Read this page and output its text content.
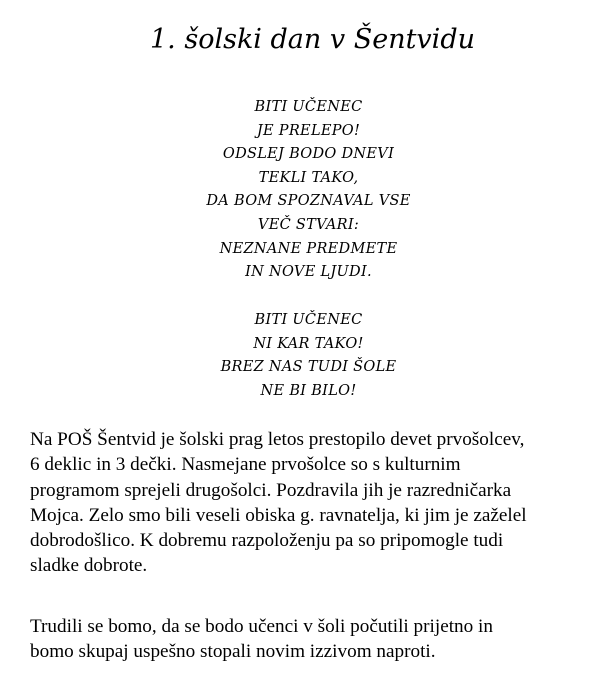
1. šolski dan v Šentvidu
BITI UČENEC
JE PRELEPO!
ODSLEJ BODO DNEVI
TEKLI TAKO,
DA BOM SPOZNAVAL VSE
VEČ STVARI:
NEZNANE PREDMETE
IN NOVE LJUDI.
BITI UČENEC
NI KAR TAKO!
BREZ NAS TUDI ŠOLE
NE BI BILO!
Na POŠ Šentvid je šolski prag letos prestopilo devet prvošolcev,
6 deklic in 3 dečki. Nasmejane prvošolce so s kulturnim
programom sprejeli drugošolci. Pozdravila jih je razredničarka
Mojca. Zelo smo bili veseli obiska g. ravnatelja, ki jim je zaželel
dobrodošlico. K dobremu razpoloženju pa so pripomogle tudi
sladke dobrote.
Trudili se bomo, da se bodo učenci v šoli počutili prijetno in
bomo skupaj uspešno stopali novim izzivom naproti.
